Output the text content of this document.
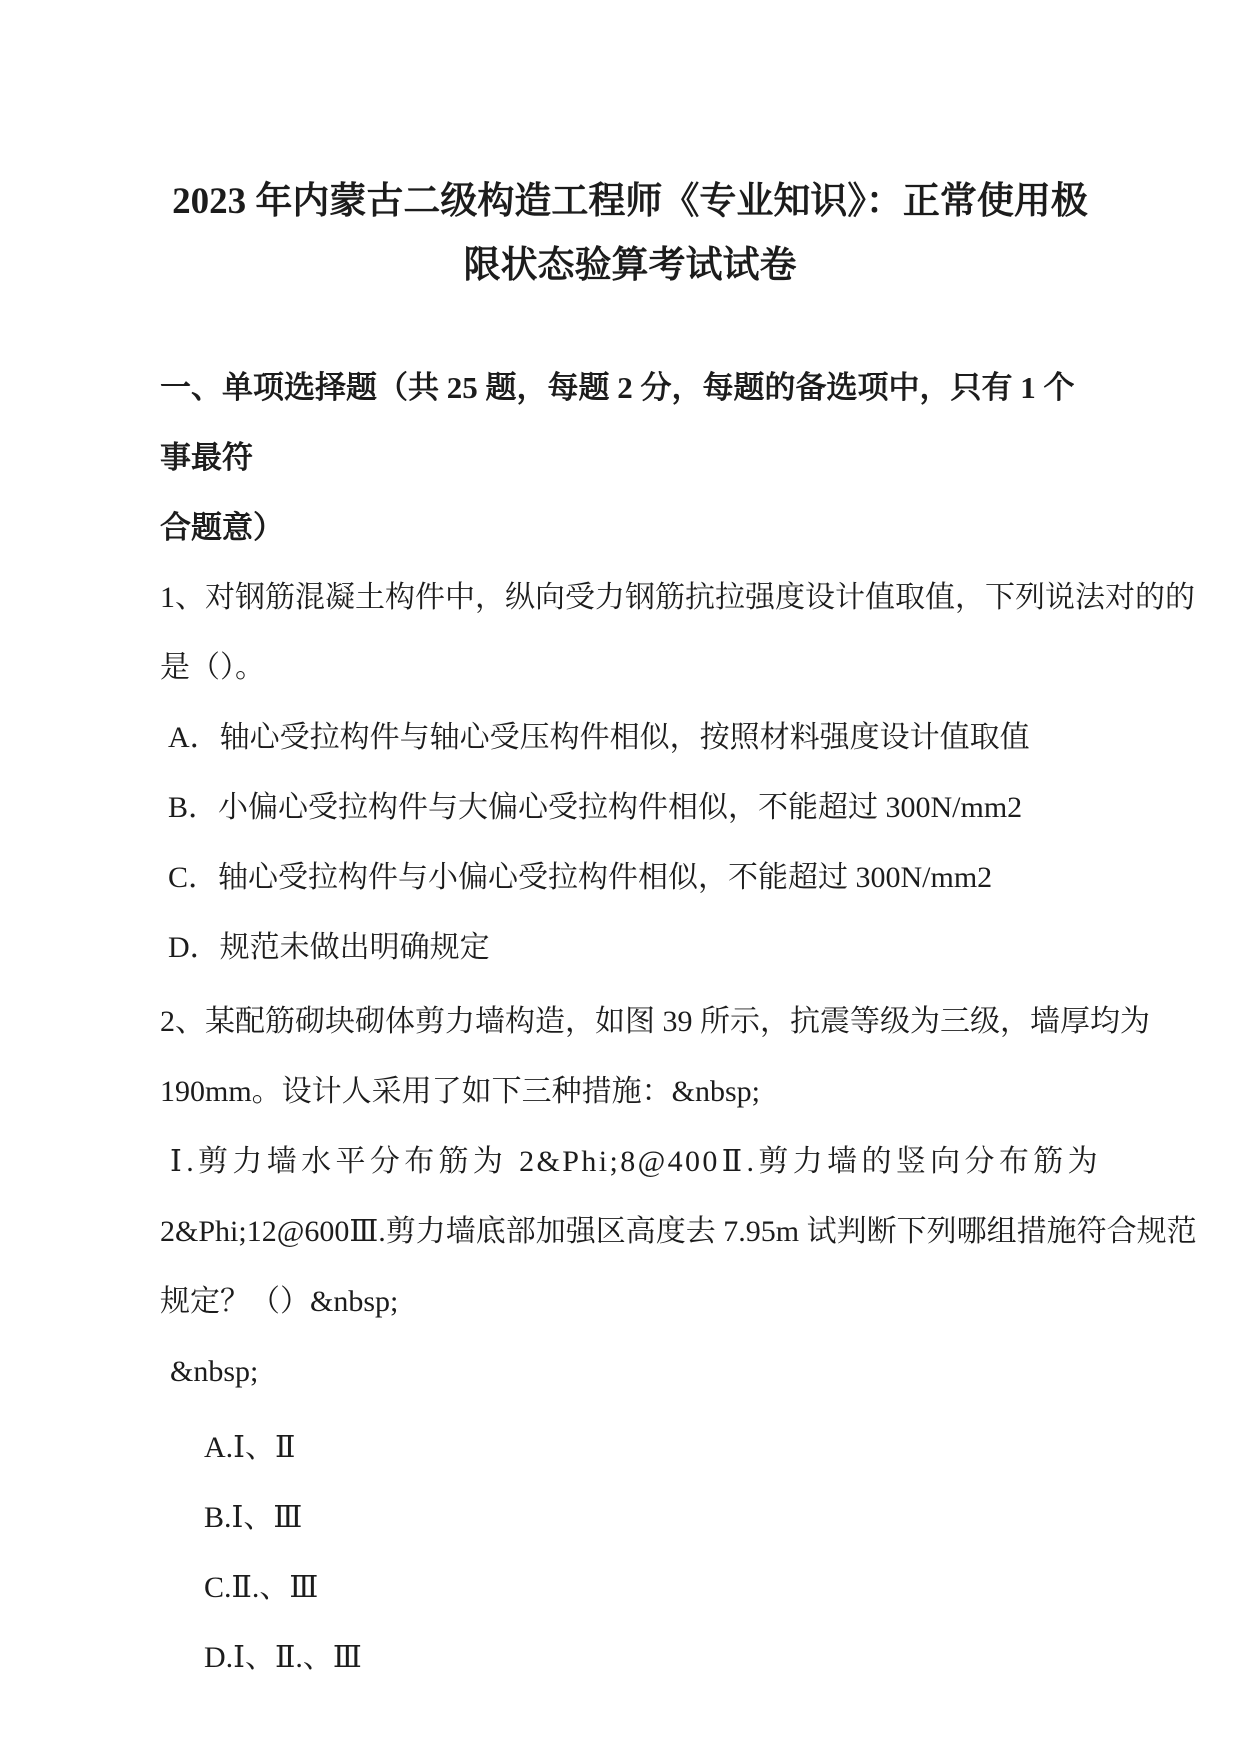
2023 年内蒙古二级构造工程师《专业知识》：正常使用极
限状态验算考试试卷
一、单项选择题（共 25 题，每题 2 分，每题的备选项中，只有 1 个事最符
合题意）
1、对钢筋混凝土构件中，纵向受力钢筋抗拉强度设计值取值，下列说法对的的
是（）。
A．轴心受拉构件与轴心受压构件相似，按照材料强度设计值取值
B．小偏心受拉构件与大偏心受拉构件相似，不能超过 300N/mm2
C．轴心受拉构件与小偏心受拉构件相似，不能超过 300N/mm2
D．规范未做出明确规定
2、某配筋砌块砌体剪力墙构造，如图 39 所示，抗震等级为三级，墙厚均为
190mm。设计人采用了如下三种措施：&nbsp;
Ⅰ.剪力墙水平分布筋为 2&Phi;8@400Ⅱ.剪力墙的竖向分布筋为
2&Phi;12@600Ⅲ.剪力墙底部加强区高度去 7.95m 试判断下列哪组措施符合规范
规定？（）&nbsp;
&nbsp;
A.Ⅰ、Ⅱ
B.Ⅰ、Ⅲ
C.Ⅱ.、Ⅲ
D.Ⅰ、Ⅱ.、Ⅲ
